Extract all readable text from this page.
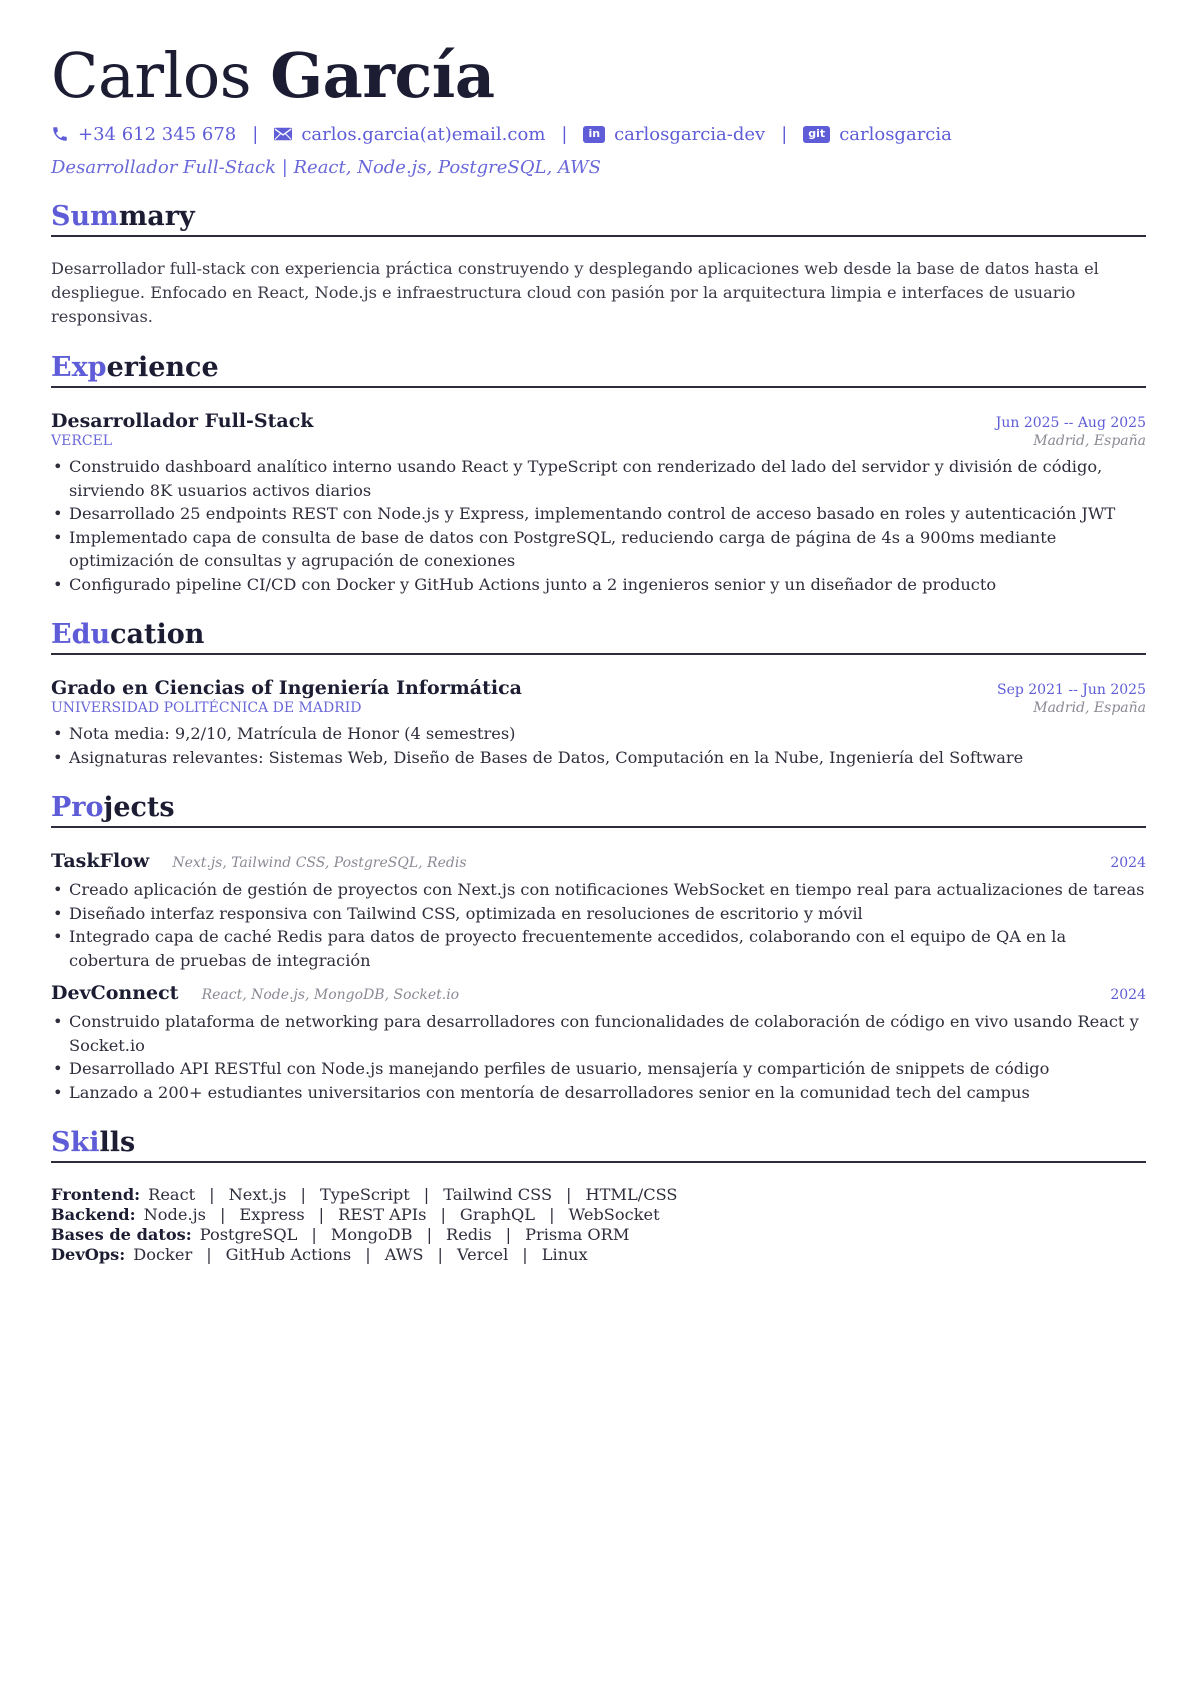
Carlos García
+34 612 345 678 | carlos.garcia(at)email.com |	in carlosgarcia-dev |	git carlosgarcia
Desarrollador Full-Stack | React, Node.js, PostgreSQL, AWS
Summary
Desarrollador full-stack con experiencia práctica construyendo y desplegando aplicaciones web desde la base de datos hasta el despliegue. Enfocado en React, Node.js e infraestructura cloud con pasión por la arquitectura limpia e interfaces de usuario responsivas.
Experience
Desarrollador Full-Stack	Jun 2025 -- Aug 2025
VERCEL	Madrid, España
• Construido dashboard analítico interno usando React y TypeScript con renderizado del lado del servidor y división de código, sirviendo 8K usuarios activos diarios
• Desarrollado 25 endpoints REST con Node.js y Express, implementando control de acceso basado en roles y autenticación JWT
• Implementado capa de consulta de base de datos con PostgreSQL, reduciendo carga de página de 4s a 900ms mediante optimización de consultas y agrupación de conexiones
• Configurado pipeline CI/CD con Docker y GitHub Actions junto a 2 ingenieros senior y un diseñador de producto
Education
Grado en Ciencias of Ingeniería Informática	Sep 2021 -- Jun 2025
UNIVERSIDAD POLITÉCNICA DE MADRID	Madrid, España
• Nota media: 9,2/10, Matrícula de Honor (4 semestres)
• Asignaturas relevantes: Sistemas Web, Diseño de Bases de Datos, Computación en la Nube, Ingeniería del Software
Projects
TaskFlow Next.js, Tailwind CSS, PostgreSQL, Redis	2024
• Creado aplicación de gestión de proyectos con Next.js con notificaciones WebSocket en tiempo real para actualizaciones de tareas
• Diseñado interfaz responsiva con Tailwind CSS, optimizada en resoluciones de escritorio y móvil
• Integrado capa de caché Redis para datos de proyecto frecuentemente accedidos, colaborando con el equipo de QA en la cobertura de pruebas de integración
DevConnect React, Node.js, MongoDB, Socket.io	2024
• Construido plataforma de networking para desarrolladores con funcionalidades de colaboración de código en vivo usando React y Socket.io
• Desarrollado API RESTful con Node.js manejando perfiles de usuario, mensajería y compartición de snippets de código
• Lanzado a 200+ estudiantes universitarios con mentoría de desarrolladores senior en la comunidad tech del campus
Skills
Frontend: React | Next.js | TypeScript | Tailwind CSS | HTML/CSS
Backend: Node.js | Express | REST APIs | GraphQL | WebSocket
Bases de datos: PostgreSQL | MongoDB | Redis | Prisma ORM
DevOps: Docker | GitHub Actions | AWS | Vercel | Linux
